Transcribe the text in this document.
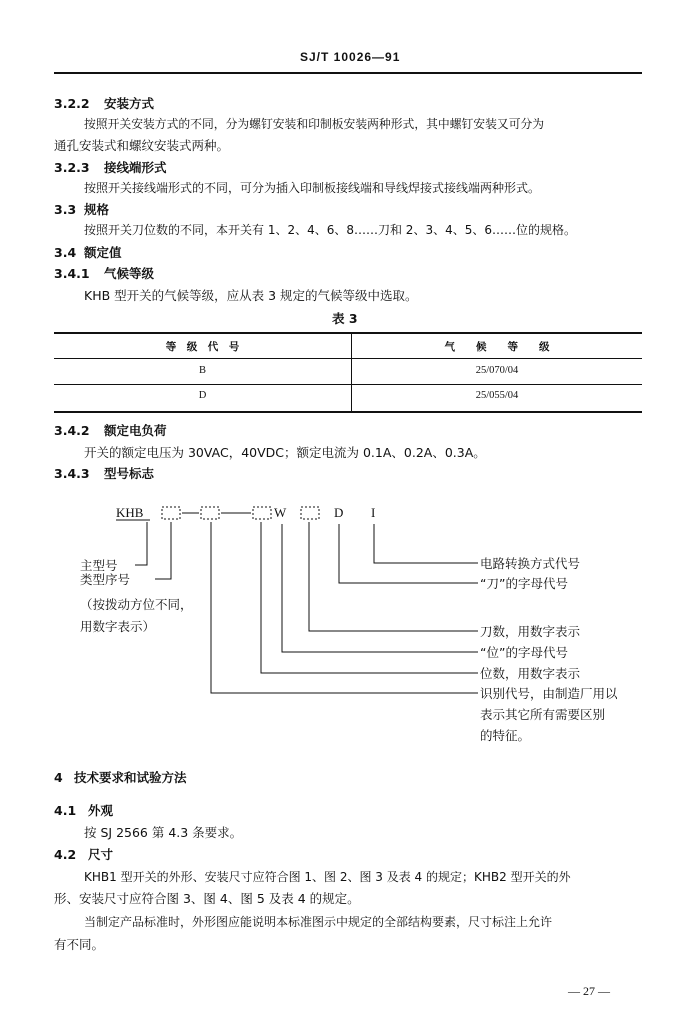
SJ/T 10026—91
3.2.2 安装方式
按照开关安装方式的不同，分为螺钉安装和印制板安装两种形式，其中螺钉安装又可分为
通孔安装式和螺纹安装式两种。
3.2.3 接线端形式
按照开关接线端形式的不同，可分为插入印制板接线端和导线焊接式接线端两种形式。
3.3 规格
按照开关刀位数的不同，本开关有 1、2、4、6、8……刀和 2、3、4、5、6……位的规格。
3.4 额定值
3.4.1 气候等级
KHB 型开关的气候等级，应从表 3 规定的气候等级中选取。
表 3
等　级　代　号	气　　候　　等　　级
B	25/070/04
D	25/055/04
3.4.2 额定电负荷
开关的额定电压为 30VAC，40VDC；额定电流为 0.1A、0.2A、0.3A。
3.4.3 型号标志
KHB	W	D I
主型号
类型序号
（按拨动方位不同，
用数字表示）
电路转换方式代号
“刀”的字母代号
刀数，用数字表示
“位”的字母代号
位数，用数字表示
识别代号，由制造厂用以
表示其它所有需要区别
的特征。
4 技术要求和试验方法
4.1 外观
按 SJ 2566 第 4.3 条要求。
4.2 尺寸
KHB1 型开关的外形、安装尺寸应符合图 1、图 2、图 3 及表 4 的规定；KHB2 型开关的外
形、安装尺寸应符合图 3、图 4、图 5 及表 4 的规定。
当制定产品标准时，外形图应能说明本标准图示中规定的全部结构要素，尺寸标注上允许
有不同。
— 27 —
